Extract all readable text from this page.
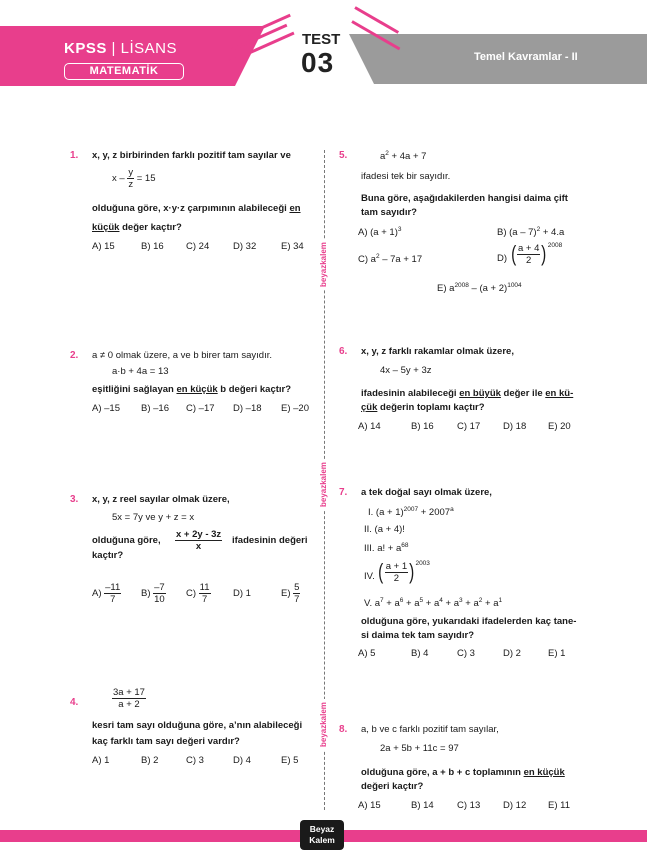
KPSS | LİSANS
MATEMATİK
TEST
03	Temel Kavramlar - II
beyazkalem
beyazkalem
beyazkalem
1. x, y, z birbirinden farklı pozitif tam sayılar ve
$x - \frac{y}{z} = 15$
olduğuna göre, x·y·z çarpımının alabileceği en
küçük değer kaçtır?
A) 15	B) 16 C) 24	D) 32	E) 34
2. a ≠ 0 olmak üzere, a ve b birer tam sayıdır.
a·b + 4a = 13
eşitliğini sağlayan en küçük b değeri kaçtır?
A) –15 B) –16 C) –17 D) –18 E) –20
3. x, y, z reel sayılar olmak üzere,
5x = 7y ve y + z = x
olduğuna göre, $\frac{x + 2y - 3z}{x}$ ifadesinin değeri
kaçtır?
$A) \frac{-11}{7} B) \frac{-7}{10} C) \frac{11}{7} D$) 1	$E) \frac{5}{7}$
4.	$\frac{3a + 17}{a + 2}$
kesri tam sayı olduğuna göre, a’nın alabileceği
kaç farklı tam sayı değeri vardır?
A) 1	B) 2	C) 3	D) 4	E) 5
5.	$a^2 + 4a + 7$
ifadesi tek bir sayıdır.
Buna göre, aşağıdakilerden hangisi daima çift
tam sayıdır?
A) $(a + 1)^3$	B) (a – 7)$^2$ + 4.a
C) $a^2 - 7a + 17$	D) ( $\frac{a + 4}{2}$ ) $^{2008}$
E) $a^{2008} - (a + 2)^{1004}$
6. x, y, z farklı rakamlar olmak üzere,
4x – 5y + 3z
ifadesinin alabileceği en büyük değer ile en kü-
çük değerin toplamı kaçtır?
A) 14	B) 16 C) 17 D) 18 E) 20
7. a tek doğal sayı olmak üzere,
I. $(a + 1)^{2007} + 2007^a$
II. (a + 4)!
III. a! + $a^{68}$
IV. ( $\frac{a + 1}{2}$ ) $^{2003}$
V. $a^7 + a^6 + a^5 + a^4 + a^3 + a^2 + a^1$
olduğuna göre, yukarıdaki ifadelerden kaç tane-
si daima tek tam sayıdır?
A) 5	B) 4	C) 3	D) 2	E) 1
8. a, b ve c farklı pozitif tam sayılar,
2a + 5b + 11c = 97
olduğuna göre, a + b + c toplamının en küçük
değeri kaçtır?
A) 15	B) 14 C) 13 D) 12 E) 11
Beyaz
Kalem
